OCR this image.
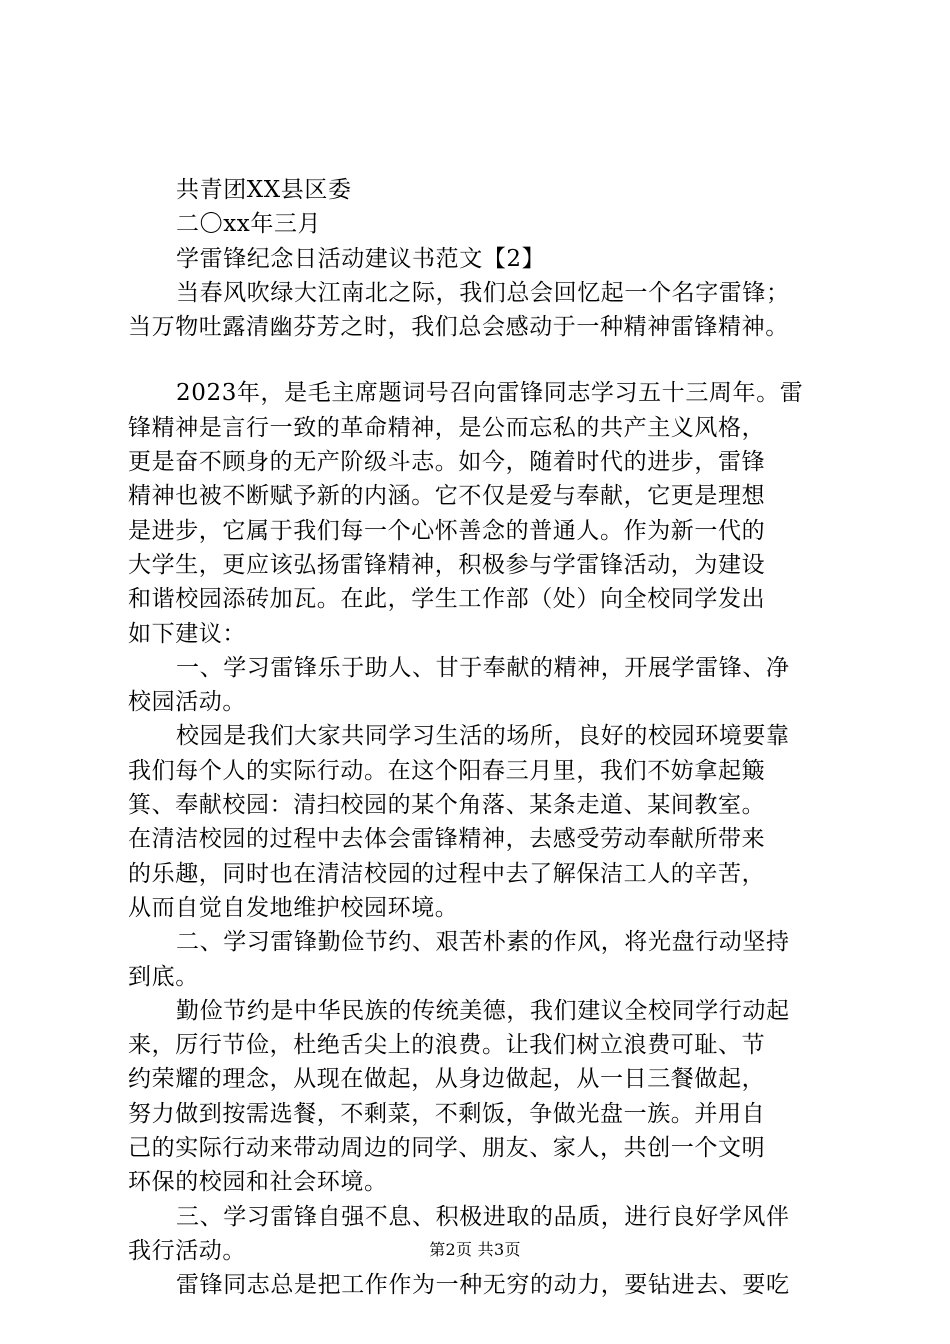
共青团XX县区委

二〇xx年三月

学雷锋纪念日活动建议书范文【2】

当春风吹绿大江南北之际，我们总会回忆起一个名字雷锋；

当万物吐露清幽芬芳之时，我们总会感动于一种精神雷锋精神。

2023年，是毛主席题词号召向雷锋同志学习五十三周年。雷

锋精神是言行一致的革命精神，是公而忘私的共产主义风格，

更是奋不顾身的无产阶级斗志。如今，随着时代的进步，雷锋

精神也被不断赋予新的内涵。它不仅是爱与奉献，它更是理想

是进步，它属于我们每一个心怀善念的普通人。作为新一代的

大学生，更应该弘扬雷锋精神，积极参与学雷锋活动，为建设

和谐校园添砖加瓦。在此，学生工作部（处）向全校同学发出

如下建议：

一、学习雷锋乐于助人、甘于奉献的精神，开展学雷锋、净

校园活动。

校园是我们大家共同学习生活的场所，良好的校园环境要靠

我们每个人的实际行动。在这个阳春三月里，我们不妨拿起簸

箕、奉献校园：清扫校园的某个角落、某条走道、某间教室。

在清洁校园的过程中去体会雷锋精神，去感受劳动奉献所带来

的乐趣，同时也在清洁校园的过程中去了解保洁工人的辛苦，

从而自觉自发地维护校园环境。

二、学习雷锋勤俭节约、艰苦朴素的作风，将光盘行动坚持

到底。

勤俭节约是中华民族的传统美德，我们建议全校同学行动起

来，厉行节俭，杜绝舌尖上的浪费。让我们树立浪费可耻、节

约荣耀的理念，从现在做起，从身边做起，从一日三餐做起，

努力做到按需选餐，不剩菜，不剩饭，争做光盘一族。并用自

己的实际行动来带动周边的同学、朋友、家人，共创一个文明

环保的校园和社会环境。

三、学习雷锋自强不息、积极进取的品质，进行良好学风伴

我行活动。

雷锋同志总是把工作作为一种无穷的动力，要钻进去、要吃

第2页 共3页
